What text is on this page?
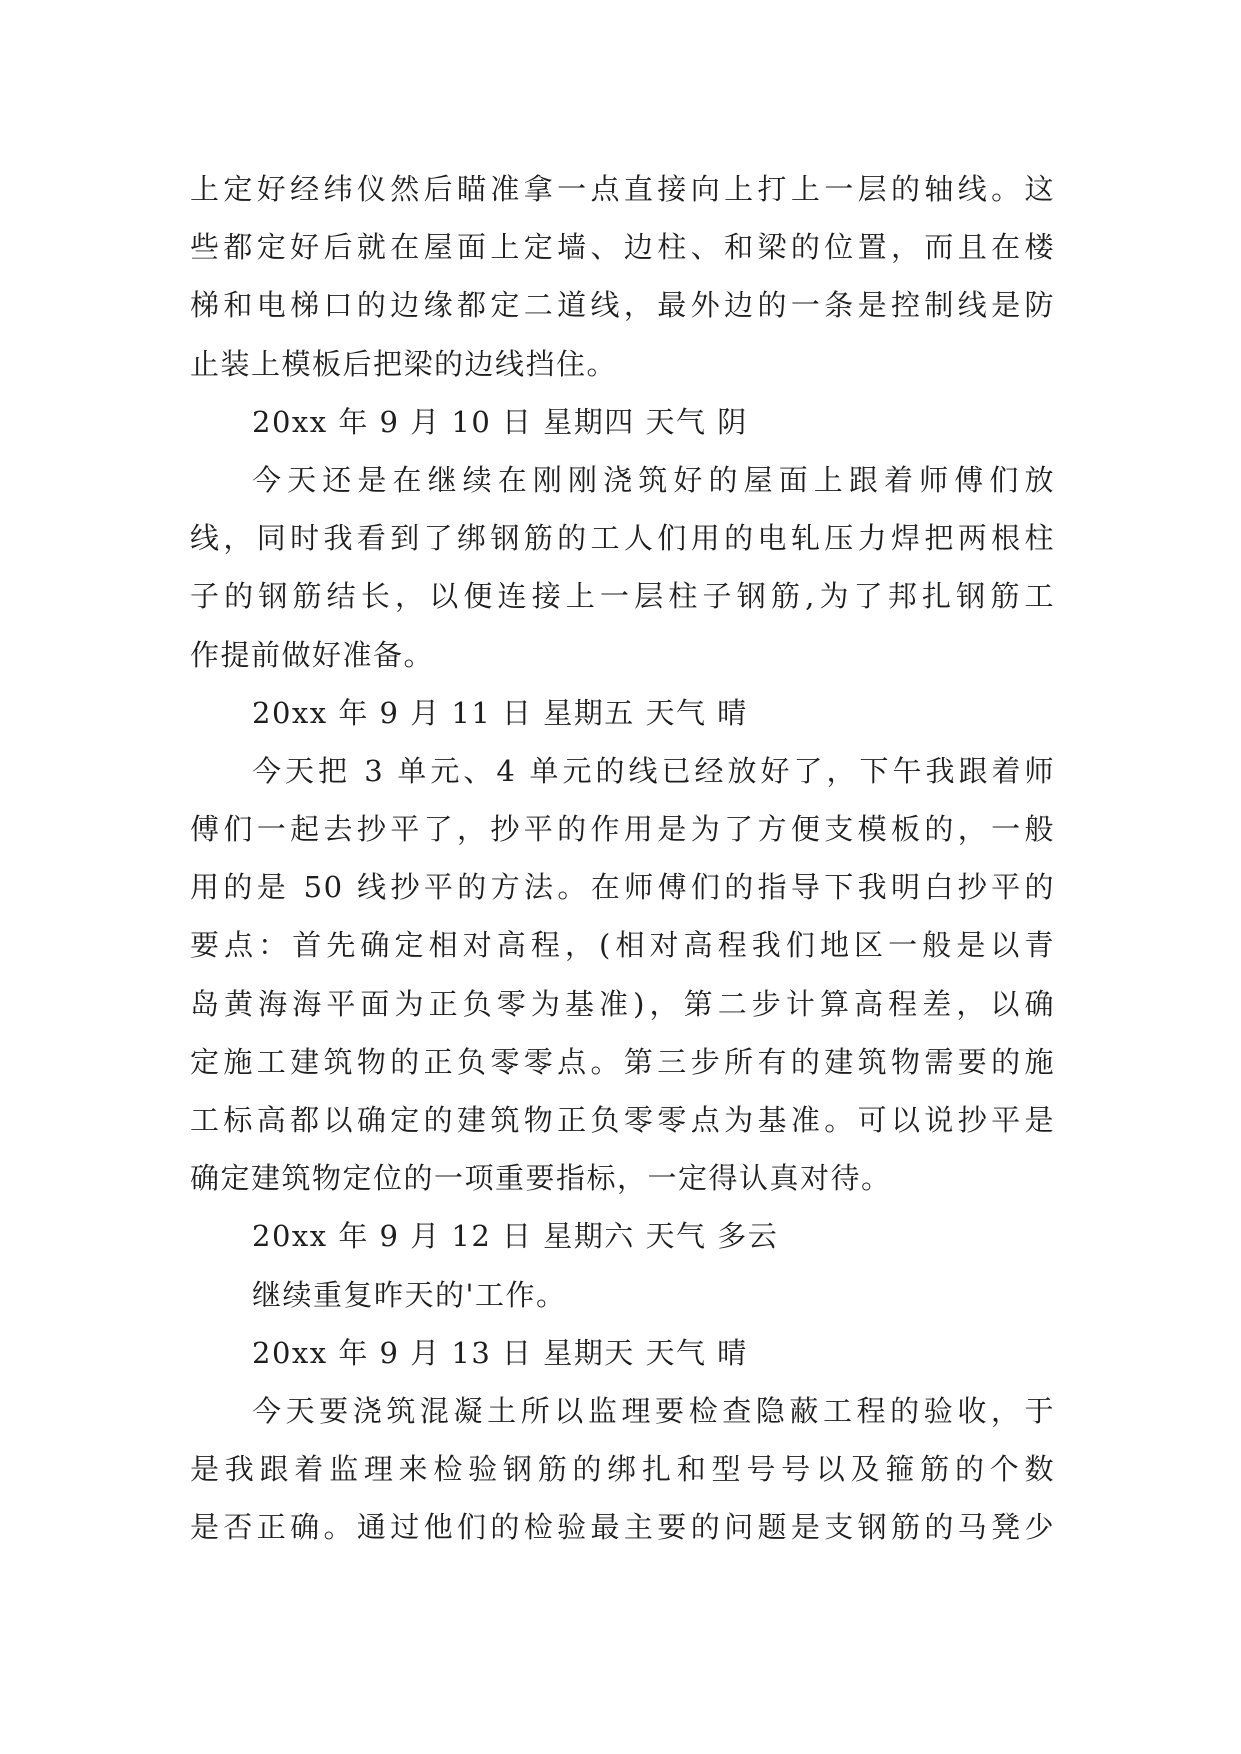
上定好经纬仪然后瞄准拿一点直接向上打上一层的轴线。这
些都定好后就在屋面上定墙、边柱、和梁的位置，而且在楼
梯和电梯口的边缘都定二道线，最外边的一条是控制线是防
止装上模板后把梁的边线挡住。
20xx 年 9 月 10 日 星期四 天气 阴
今天还是在继续在刚刚浇筑好的屋面上跟着师傅们放
线，同时我看到了绑钢筋的工人们用的电轧压力焊把两根柱
子的钢筋结长，以便连接上一层柱子钢筋,为了邦扎钢筋工
作提前做好准备。
20xx 年 9 月 11 日 星期五 天气 晴
今天把 3 单元、4 单元的线已经放好了，下午我跟着师
傅们一起去抄平了，抄平的作用是为了方便支模板的，一般
用的是 50 线抄平的方法。在师傅们的指导下我明白抄平的
要点：首先确定相对高程，(相对高程我们地区一般是以青
岛黄海海平面为正负零为基准)，第二步计算高程差，以确
定施工建筑物的正负零零点。第三步所有的建筑物需要的施
工标高都以确定的建筑物正负零零点为基准。可以说抄平是
确定建筑物定位的一项重要指标，一定得认真对待。
20xx 年 9 月 12 日 星期六 天气 多云
继续重复昨天的'工作。
20xx 年 9 月 13 日 星期天 天气 晴
今天要浇筑混凝土所以监理要检查隐蔽工程的验收，于
是我跟着监理来检验钢筋的绑扎和型号号以及箍筋的个数
是否正确。通过他们的检验最主要的问题是支钢筋的马凳少
